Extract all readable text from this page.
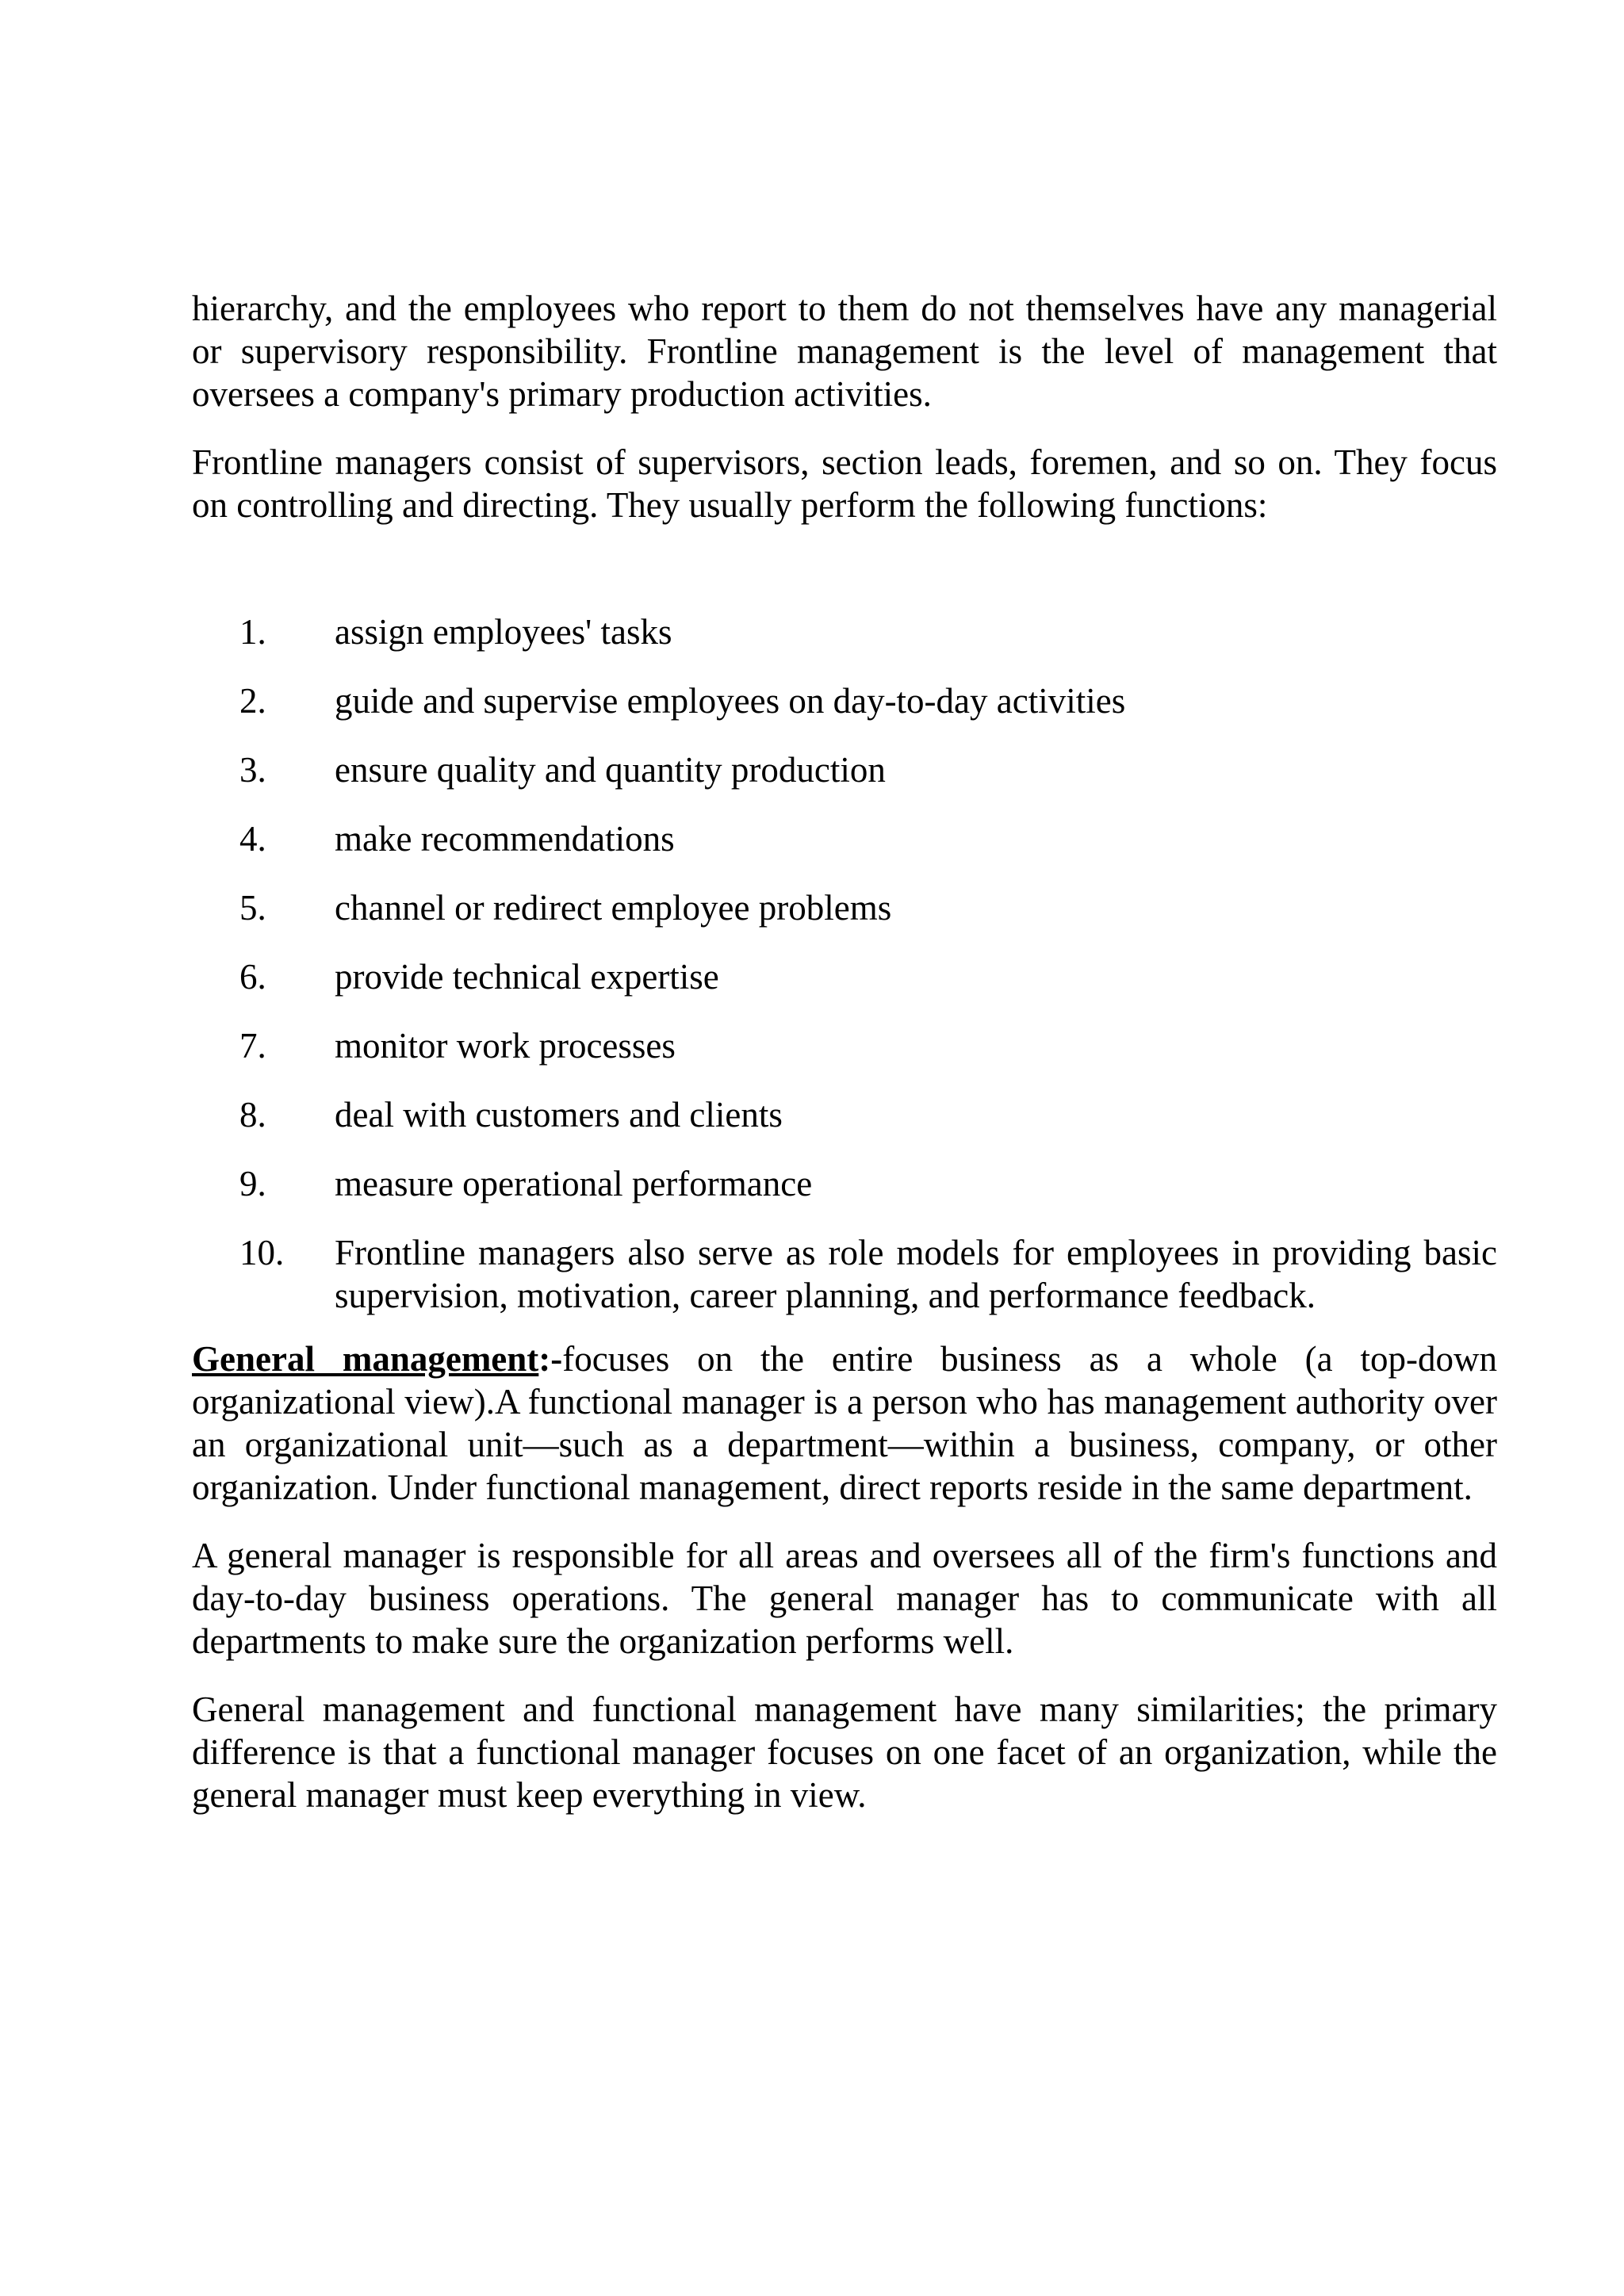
hierarchy, and the employees who report to them do not themselves have any managerial or supervisory responsibility. Frontline management is the level of management that oversees a company's primary production activities.

Frontline managers consist of supervisors, section leads, foremen, and so on. They focus on controlling and directing. They usually perform the following functions:

1.	assign employees' tasks
2.	guide and supervise employees on day-to-day activities
3.	ensure quality and quantity production
4.	make recommendations
5.	channel or redirect employee problems
6.	provide technical expertise
7.	monitor work processes
8.	deal with customers and clients
9.	measure operational performance
10.	Frontline managers also serve as role models for employees in providing basic supervision, motivation, career planning, and performance feedback.

General management:-focuses on the entire business as a whole (a top-down organizational view).A functional manager is a person who has management authority over an organizational unit—such as a department—within a business, company, or other organization. Under functional management, direct reports reside in the same department.

A general manager is responsible for all areas and oversees all of the firm's functions and day-to-day business operations. The general manager has to communicate with all departments to make sure the organization performs well.

General management and functional management have many similarities; the primary difference is that a functional manager focuses on one facet of an organization, while the general manager must keep everything in view.
